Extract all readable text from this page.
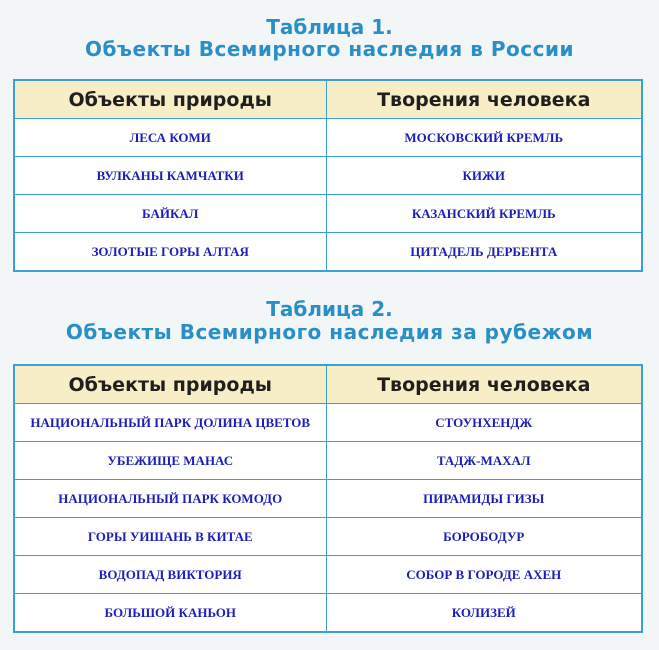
Таблица 1.
Объекты Всемирного наследия в России
Объекты природы	Творения человека
ЛЕСА КОМИ	МОСКОВСКИЙ КРЕМЛЬ
ВУЛКАНЫ КАМЧАТКИ	КИЖИ
БАЙКАЛ	КАЗАНСКИЙ КРЕМЛЬ
ЗОЛОТЫЕ ГОРЫ АЛТАЯ	ЦИТАДЕЛЬ ДЕРБЕНТА
Таблица 2.
Объекты Всемирного наследия за рубежом
Объекты природы	Творения человека
НАЦИОНАЛЬНЫЙ ПАРК ДОЛИНА ЦВЕТОВ	СТОУНХЕНДЖ
УБЕЖИЩЕ МАНАС	ТАДЖ-МАХАЛ
НАЦИОНАЛЬНЫЙ ПАРК КОМОДО	ПИРАМИДЫ ГИЗЫ
ГОРЫ УИШАНЬ В КИТАЕ	БОРОБОДУР
ВОДОПАД ВИКТОРИЯ	СОБОР В ГОРОДЕ АХЕН
БОЛЬШОЙ КАНЬОН	КОЛИЗЕЙ
